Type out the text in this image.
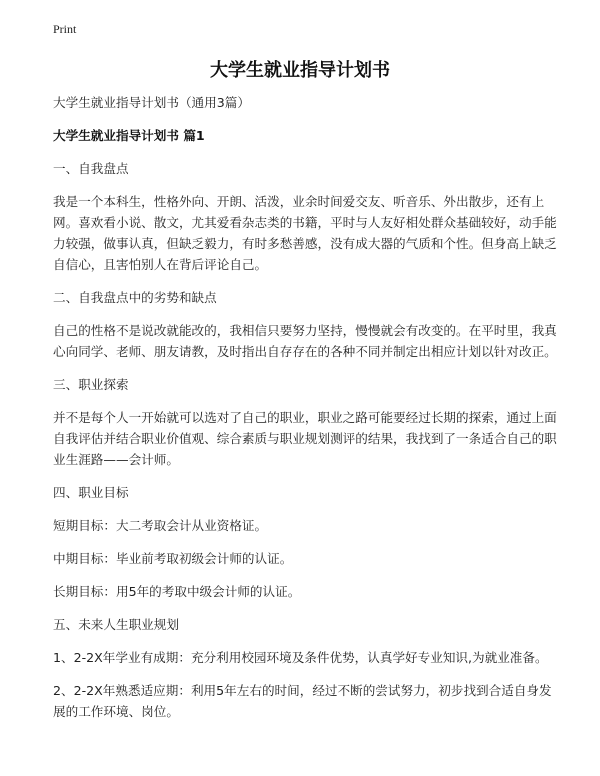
Print
大学生就业指导计划书

大学生就业指导计划书（通用3篇）

大学生就业指导计划书 篇1

一、自我盘点

我是一个本科生，性格外向、开朗、活泼，业余时间爱交友、听音乐、外出散步，还有上网。喜欢看小说、散文，尤其爱看杂志类的书籍，平时与人友好相处群众基础较好，动手能力较强，做事认真，但缺乏毅力，有时多愁善感，没有成大器的气质和个性。但身高上缺乏自信心，且害怕别人在背后评论自己。

二、自我盘点中的劣势和缺点

自己的性格不是说改就能改的，我相信只要努力坚持，慢慢就会有改变的。在平时里，我真心向同学、老师、朋友请教，及时指出自存存在的各种不同并制定出相应计划以针对改正。

三、职业探索

并不是每个人一开始就可以选对了自己的职业，职业之路可能要经过长期的探索，通过上面自我评估并结合职业价值观、综合素质与职业规划测评的结果，我找到了一条适合自己的职业生涯路——会计师。

四、职业目标

短期目标：大二考取会计从业资格证。

中期目标：毕业前考取初级会计师的认证。

长期目标：用5年的考取中级会计师的认证。

五、未来人生职业规划

1、2-2X年学业有成期：充分利用校园环境及条件优势，认真学好专业知识,为就业准备。

2、2-2X年熟悉适应期：利用5年左右的时间，经过不断的尝试努力，初步找到合适自身发展的工作环境、岗位。
